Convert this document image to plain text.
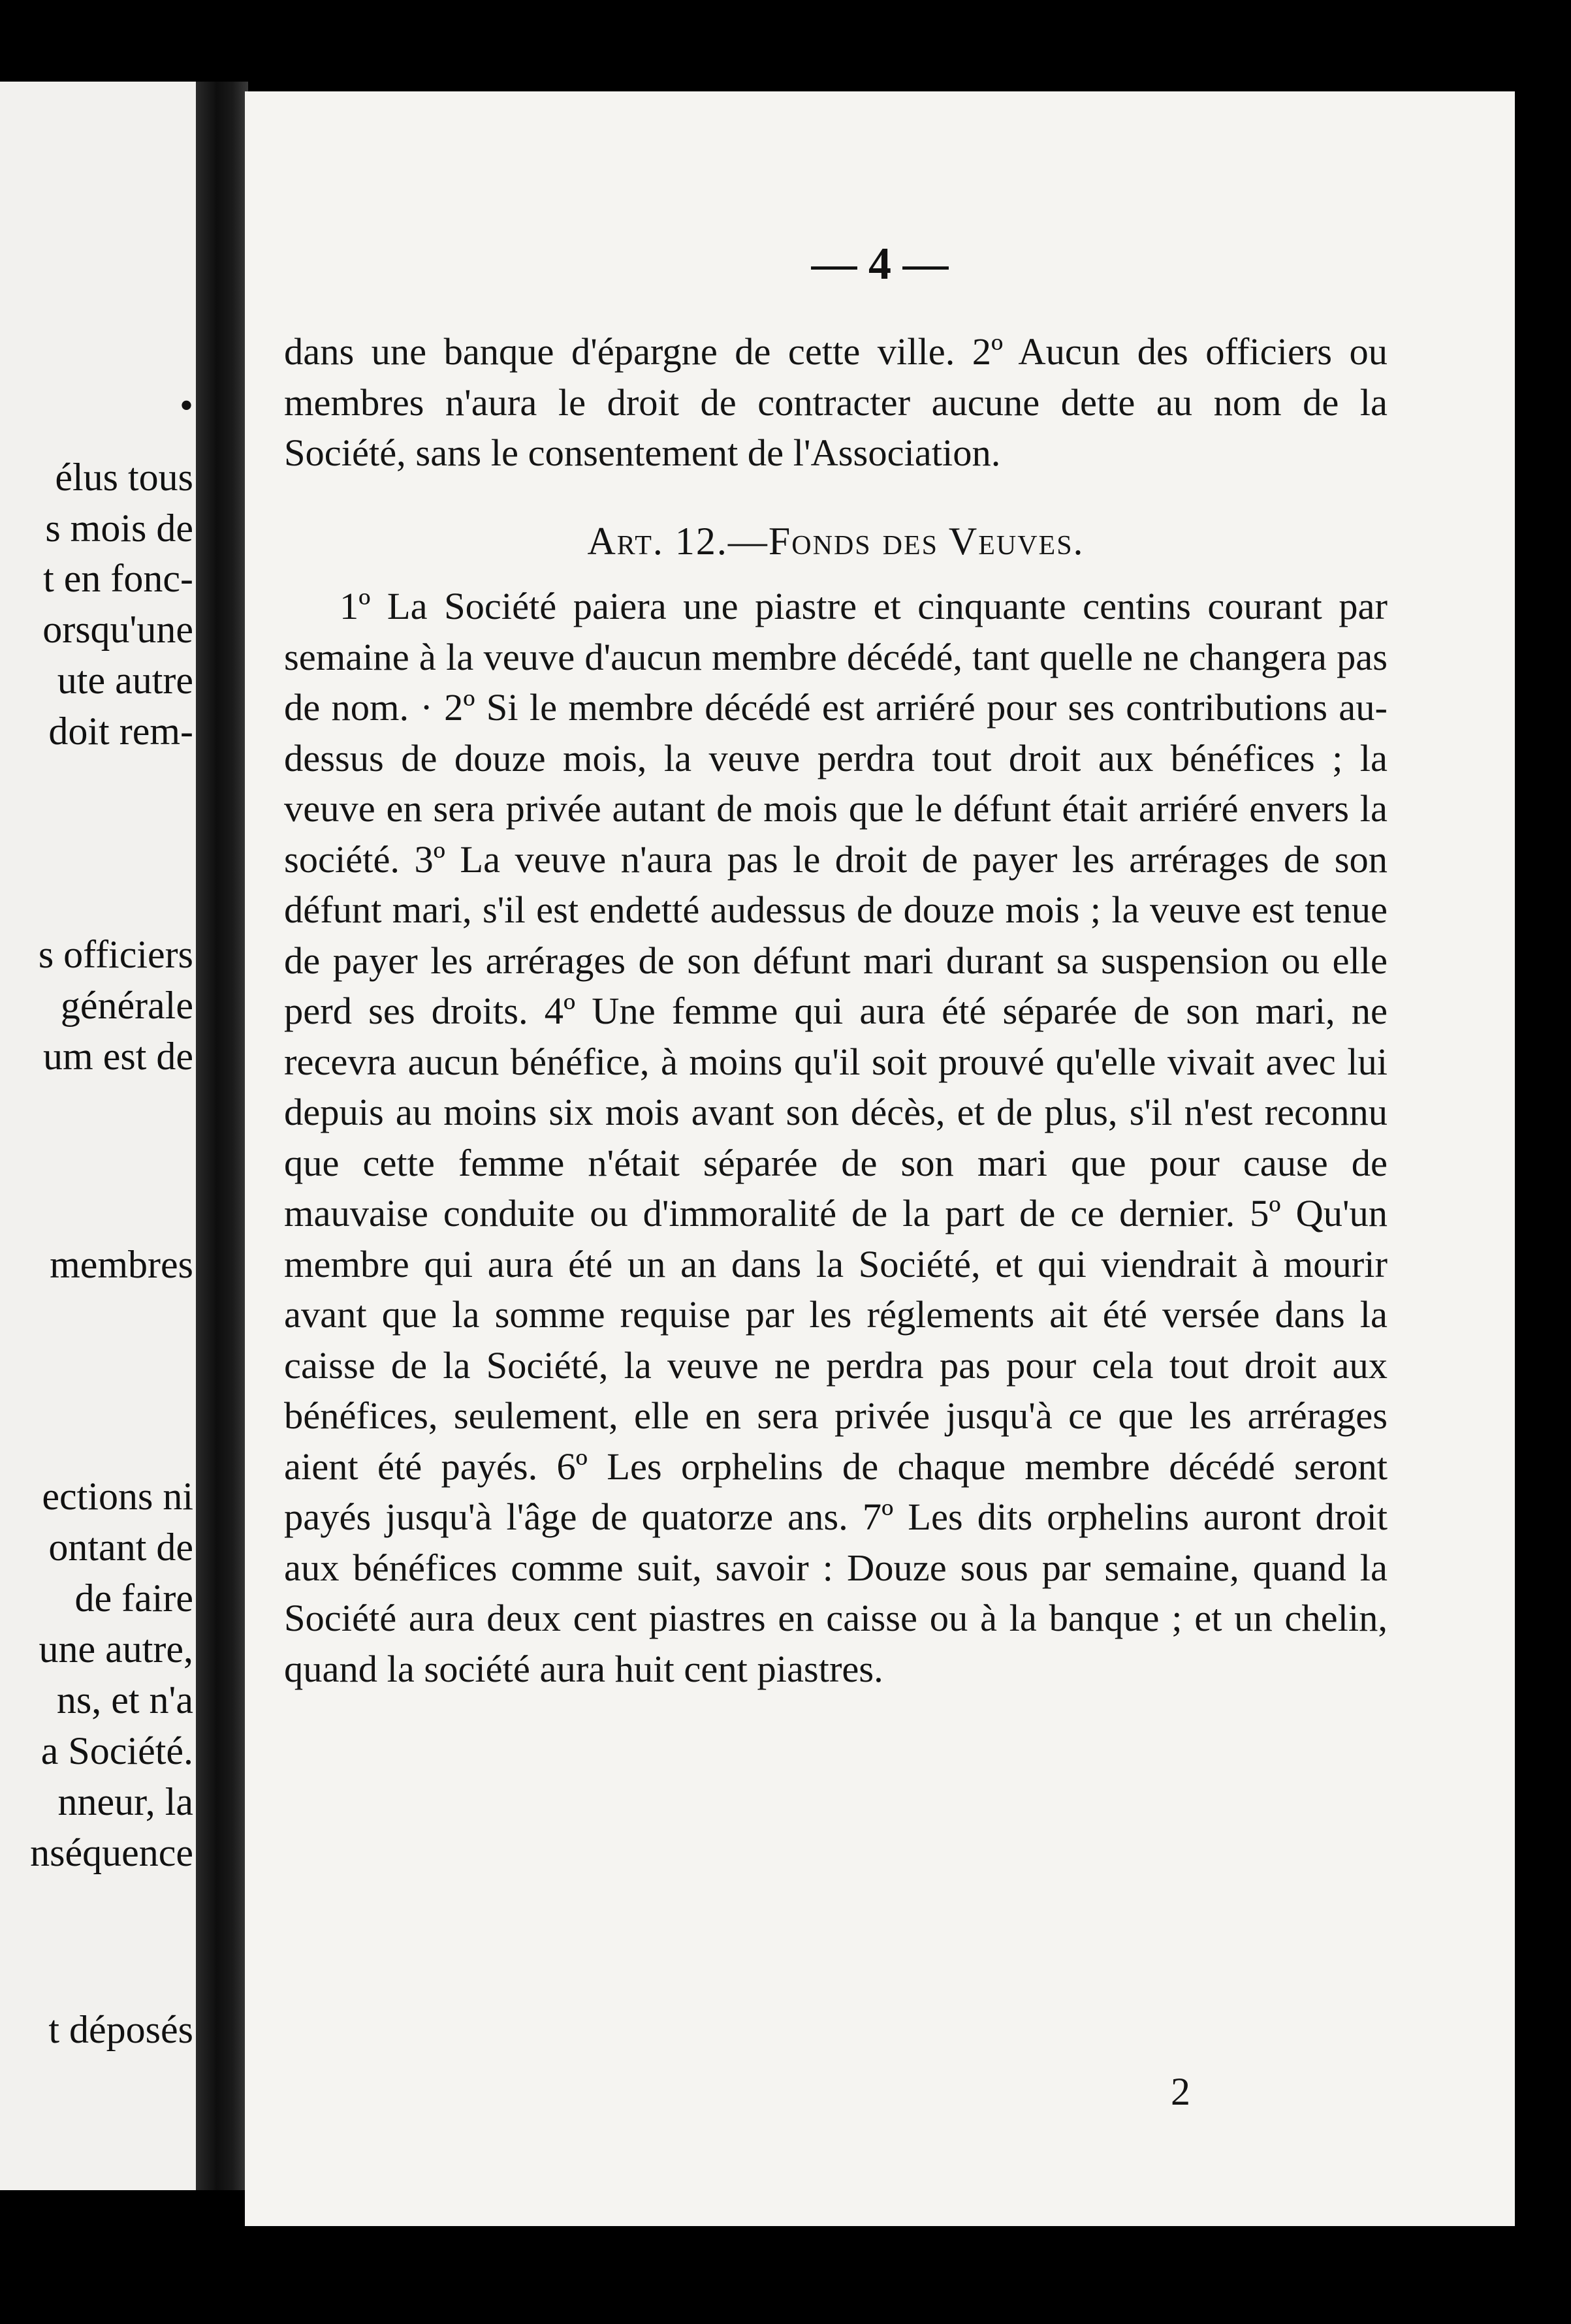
•
élus tous
s mois de
t en fonc-
orsqu'une
ute autre
doit rem-
s officiers
générale
um est de
membres
ections ni
ontant de
de faire
une autre,
ns, et n'a
a Société.
nneur, la
nséquence
t déposés
— 4 —

dans une banque d'épargne de cette ville. 2º Aucun des officiers ou membres n'aura le droit de contracter aucune dette au nom de la Société, sans le consentement de l'Association.

Art. 12.—Fonds des Veuves.

1º La Société paiera une piastre et cinquante centins courant par semaine à la veuve d'aucun membre décédé, tant quelle ne changera pas de nom. · 2º Si le membre décédé est arriéré pour ses contributions au-dessus de douze mois, la veuve perdra tout droit aux bénéfices ; la veuve en sera privée autant de mois que le défunt était arriéré envers la société. 3º La veuve n'aura pas le droit de payer les arrérages de son défunt mari, s'il est endetté audessus de douze mois ; la veuve est tenue de payer les arrérages de son défunt mari durant sa suspension ou elle perd ses droits. 4º Une femme qui aura été séparée de son mari, ne recevra aucun bénéfice, à moins qu'il soit prouvé qu'elle vivait avec lui depuis au moins six mois avant son décès, et de plus, s'il n'est reconnu que cette femme n'était séparée de son mari que pour cause de mauvaise conduite ou d'immoralité de la part de ce dernier. 5º Qu'un membre qui aura été un an dans la Société, et qui viendrait à mourir avant que la somme requise par les réglements ait été versée dans la caisse de la Société, la veuve ne perdra pas pour cela tout droit aux bénéfices, seulement, elle en sera privée jusqu'à ce que les arrérages aient été payés. 6º Les orphelins de chaque membre décédé seront payés jusqu'à l'âge de quatorze ans. 7º Les dits orphelins auront droit aux bénéfices comme suit, savoir : Douze sous par semaine, quand la Société aura deux cent piastres en caisse ou à la banque ; et un chelin, quand la société aura huit cent piastres.

2
